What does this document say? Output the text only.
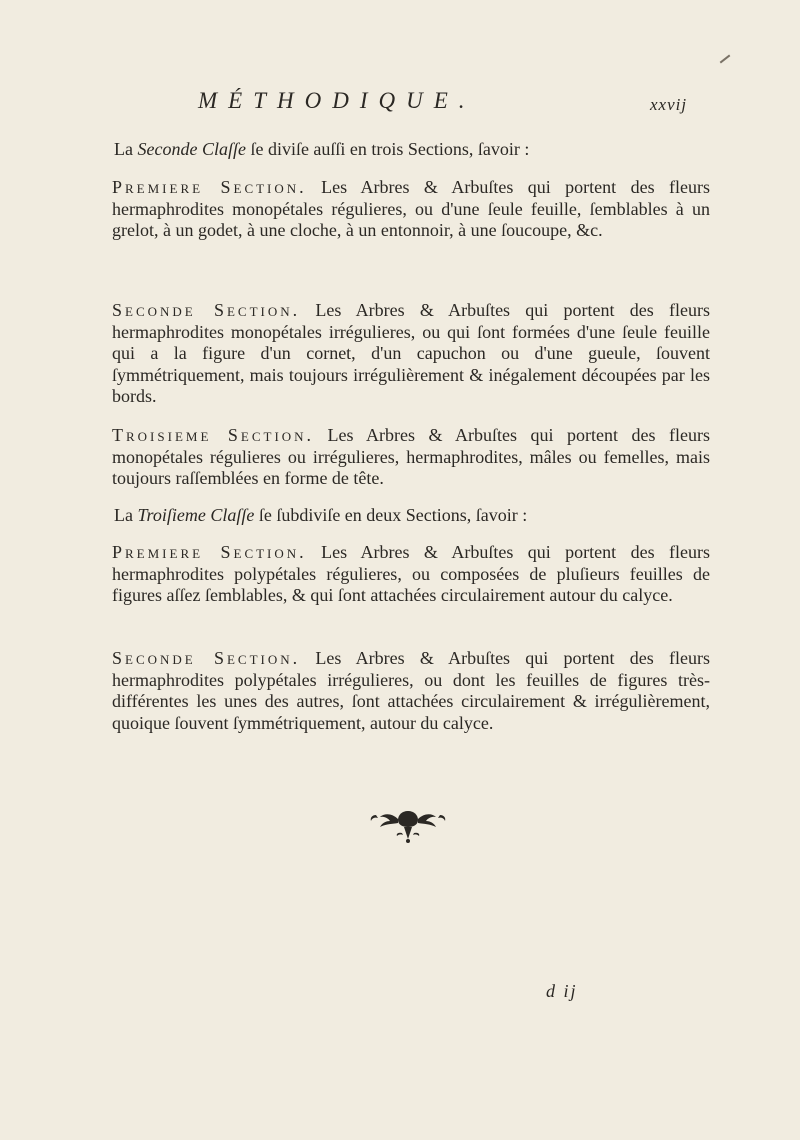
MÉTHODIQUE.	xxvij

La Seconde Claſſe ſe diviſe auſſi en trois Sections, ſavoir :

Premiere Section. Les Arbres & Arbuſtes qui portent des fleurs hermaphrodites monopétales régulieres, ou d'une ſeule feuille, ſemblables à un grelot, à un godet, à une cloche, à un entonnoir, à une ſoucoupe, &c.

Seconde Section. Les Arbres & Arbuſtes qui portent des fleurs hermaphrodites monopétales irrégulieres, ou qui ſont formées d'une ſeule feuille qui a la figure d'un cornet, d'un capuchon ou d'une gueule, ſouvent ſymmétriquement, mais toujours irrégulièrement & inégalement découpées par les bords.

Troisieme Section. Les Arbres & Arbuſtes qui portent des fleurs monopétales régulieres ou irrégulieres, hermaphrodites, mâles ou femelles, mais toujours raſſemblées en forme de tête.

La Troiſieme Claſſe ſe ſubdiviſe en deux Sections, ſavoir :

Premiere Section. Les Arbres & Arbuſtes qui portent des fleurs hermaphrodites polypétales régulieres, ou composées de pluſieurs feuilles de figures aſſez ſemblables, & qui ſont attachées circulairement autour du calyce.

Seconde Section. Les Arbres & Arbuſtes qui portent des fleurs hermaphrodites polypétales irrégulieres, ou dont les feuilles de figures très-différentes les unes des autres, ſont attachées circulairement & irrégulièrement, quoique ſouvent ſymmétriquement, autour du calyce.

d ij
